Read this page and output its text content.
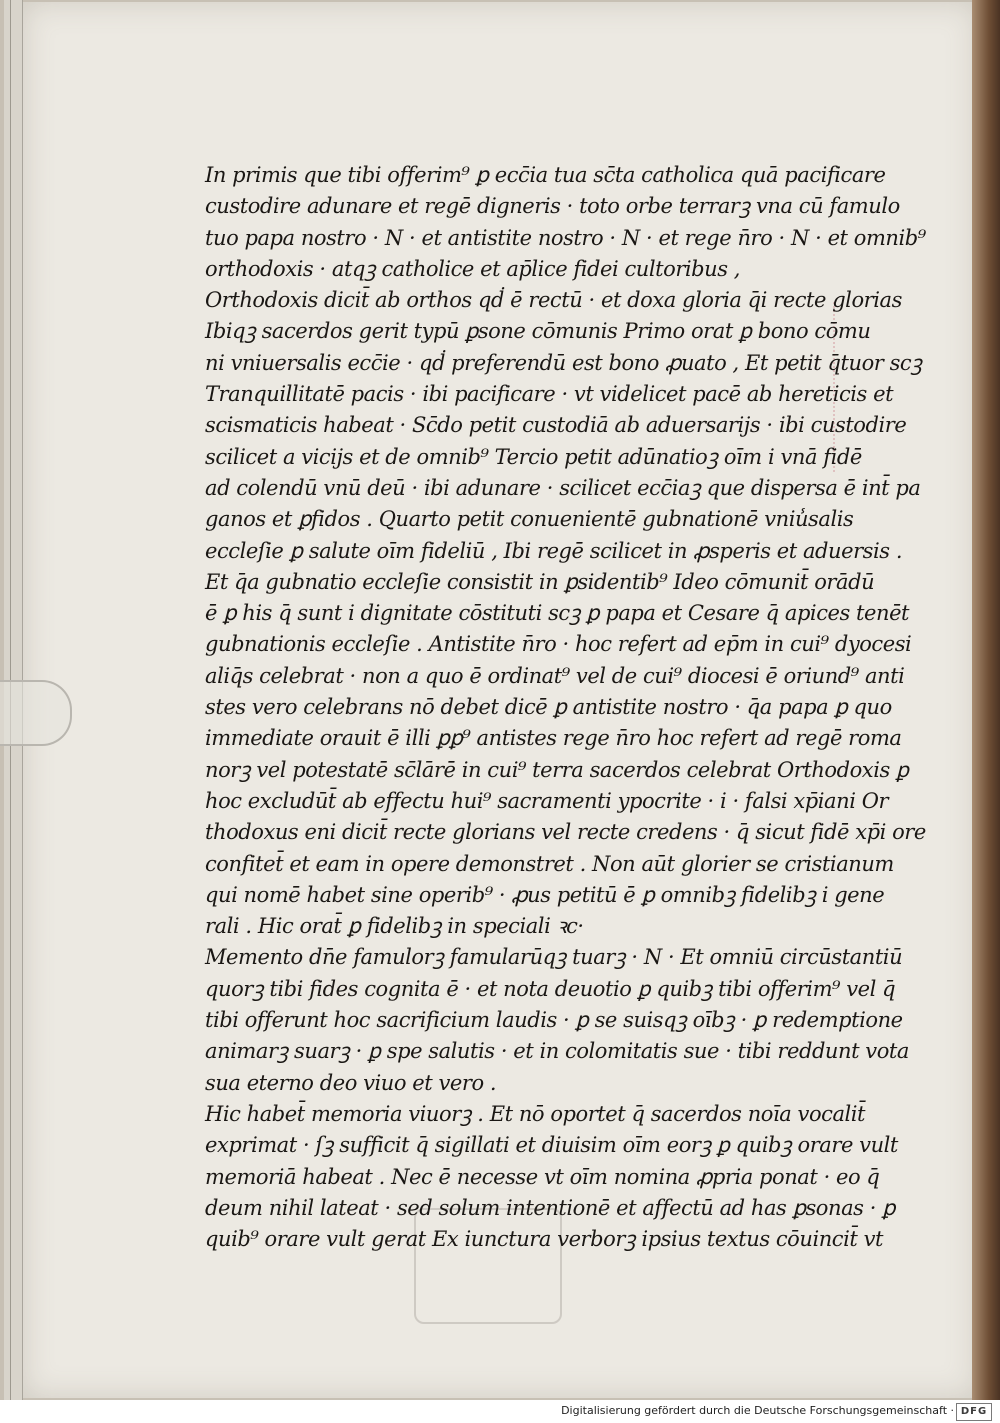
In primis que tibi offerim⁹ ꝑ ecc̄ia tua sc̄ta catholica quā pacificare
custodire adunare et regē digneris · toto orbe terrarꝫ vna cū famulo
tuo papa nostro · N · et antistite nostro · N · et rege n̄ro · N · et omnib⁹
orthodoxis · atqꝫ catholice et ap̄lice fidei cultoribus ,
Orthodoxis dicit̄ ab orthos qḋ ē rectū · et doxa gloria q̄i recte glorias
Ibiqꝫ sacerdos gerit typū ꝑsone cōmunis Primo orat ꝑ bono cōmu
ni vniuersalis ecc̄ie · qḋ preferendū est bono ꝓuato , Et petit q̄tuor scꝫ
Tranquillitatē pacis · ibi pacificare · vt videlicet pacē ab hereticis et
scismaticis habeat · Sc̄do petit custodiā ab aduersarijs · ibi custodire
scilicet a vicijs et de omnib⁹ Tercio petit adūnatioꝫ oīm i vnā fidē
ad colendū vnū deū · ibi adunare · scilicet ecc̄iaꝫ que dispersa ē int̄ pa
ganos et ꝑfidos . Quarto petit conuenientē gubnationē vniu̾salis
eccleſie ꝑ salute oīm fideliū , Ibi regē scilicet in ꝓsperis et aduersis .
Et q̄a gubnatio eccleſie consistit in ꝑsidentib⁹ Ideo cōmunit̄ orādū
ē ꝑ his q̄ sunt i dignitate cōstituti scꝫ ꝑ papa et Cesare q̄ apices tenēt
gubnationis eccleſie . Antistite n̄ro · hoc refert ad ep̄m in cui⁹ dyocesi
aliq̄s celebrat · non a quo ē ordinat⁹ vel de cui⁹ diocesi ē oriund⁹ anti
stes vero celebrans nō debet dicē ꝑ antistite nostro · q̄a papa ꝑ quo
immediate orauit ē illi ꝑꝑ⁹ antistes rege n̄ro hoc refert ad regē roma
norꝫ vel potestatē sc̄lārē in cui⁹ terra sacerdos celebrat Orthodoxis ꝑ
hoc excludūt̄ ab effectu hui⁹ sacramenti ypocrite · i · falsi xp̄iani Or
thodoxus eni dicit̄ recte glorians vel recte credens · q̄ sicut fidē xp̄i ore
confitet̄ et eam in opere demonstret . Non aūt glorier se cristianum
qui nomē habet sine operib⁹ · ꝓus petitū ē ꝑ omnibꝫ fidelibꝫ i gene
rali . Hic orat̄ ꝑ fidelibꝫ in speciali ꝛc·
Memento dn̄e famulorꝫ famularūqꝫ tuarꝫ · N · Et omniū circūstantiū
quorꝫ tibi fides cognita ē · et nota deuotio ꝑ quibꝫ tibi offerim⁹ vel q̄
tibi offerunt hoc sacrificium laudis · ꝑ se suisqꝫ oībꝫ · ꝑ redemptione
animarꝫ suarꝫ · ꝑ spe salutis · et in colomitatis sue · tibi reddunt vota
sua eterno deo viuo et vero .
Hic habet̄ memoria viuorꝫ . Et nō oportet q̄ sacerdos noīa vocalit̄
exprimat · ſꝫ sufficit q̄ sigillati et diuisim oīm eorꝫ ꝑ quibꝫ orare vult
memoriā habeat . Nec ē necesse vt oīm nomina ꝓpria ponat · eo q̄
deum nihil lateat · sed solum intentionē et affectū ad has ꝑsonas · ꝑ
quib⁹ orare vult gerat Ex iunctura verborꝫ ipsius textus cōuincit̄ vt
Digitalisierung gefördert durch die Deutsche Forschungsgemeinschaft · DFG
